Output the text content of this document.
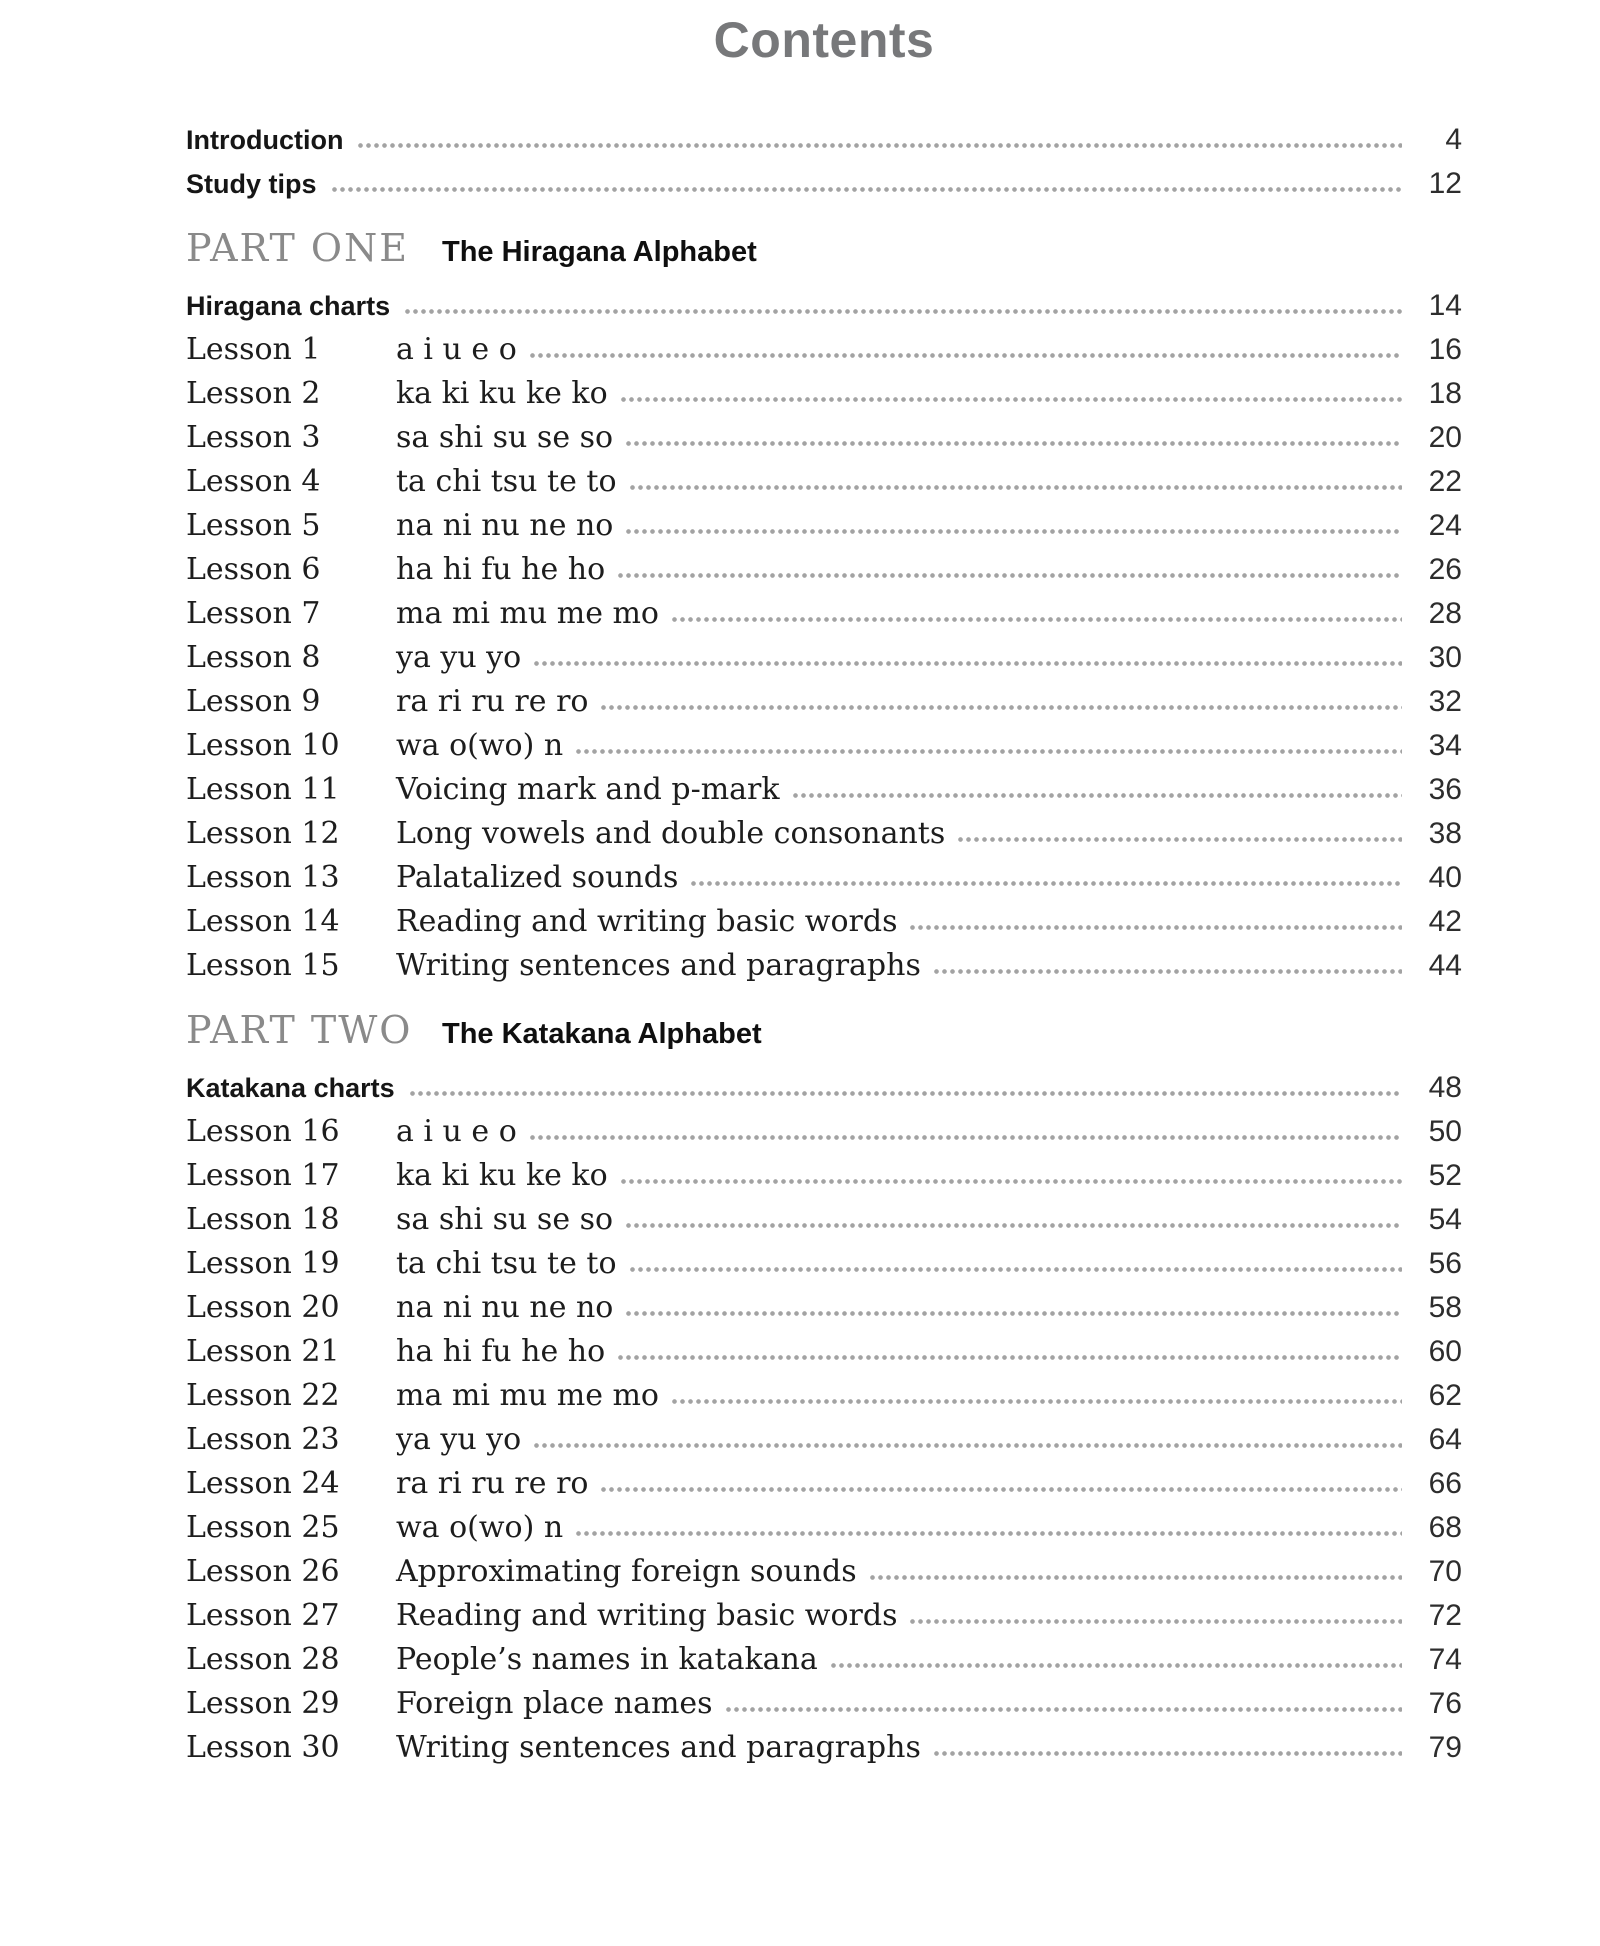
Contents
Introduction	4
Study tips	12
PART ONE	The Hiragana Alphabet
Hiragana charts	14
Lesson 1	a i u e o	16
Lesson 2	ka ki ku ke ko	18
Lesson 3	sa shi su se so	20
Lesson 4	ta chi tsu te to	22
Lesson 5	na ni nu ne no	24
Lesson 6	ha hi fu he ho	26
Lesson 7	ma mi mu me mo	28
Lesson 8	ya yu yo	30
Lesson 9	ra ri ru re ro	32
Lesson 10	wa o(wo) n	34
Lesson 11	Voicing mark and p-mark	36
Lesson 12	Long vowels and double consonants	38
Lesson 13	Palatalized sounds	40
Lesson 14	Reading and writing basic words	42
Lesson 15	Writing sentences and paragraphs	44
PART TWO	The Katakana Alphabet
Katakana charts	48
Lesson 16	a i u e o	50
Lesson 17	ka ki ku ke ko	52
Lesson 18	sa shi su se so	54
Lesson 19	ta chi tsu te to	56
Lesson 20	na ni nu ne no	58
Lesson 21	ha hi fu he ho	60
Lesson 22	ma mi mu me mo	62
Lesson 23	ya yu yo	64
Lesson 24	ra ri ru re ro	66
Lesson 25	wa o(wo) n	68
Lesson 26	Approximating foreign sounds	70
Lesson 27	Reading and writing basic words	72
Lesson 28	People’s names in katakana	74
Lesson 29	Foreign place names	76
Lesson 30	Writing sentences and paragraphs	79
